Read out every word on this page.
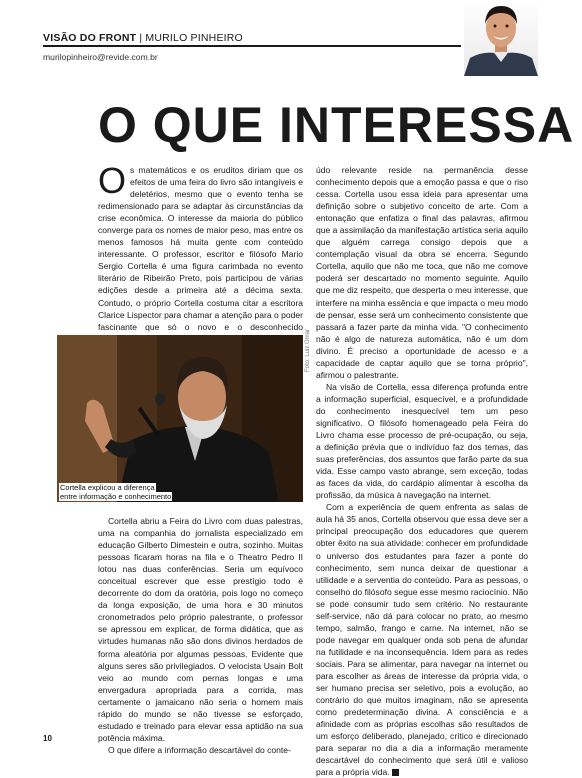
VISÃO DO FRONT | MURILO PINHEIRO
murilopinheiro@revide.com.br
O QUE INTERESSA

Os matemáticos e os eruditos diriam que os efeitos de uma feira do livro são intangíveis e deletérios, mesmo que o evento tenha se redimensionado para se adaptar às circunstâncias da crise econômica. O interesse da maioria do público converge para os nomes de maior peso, mas entre os menos famosos há muita gente com conteúdo interessante. O professor, escritor e filósofo Mario Sergio Cortella é uma figura carimbada no evento literário de Ribeirão Preto, pois participou de várias edições desde a primeira até a décima sexta. Contudo, o próprio Cortella costuma citar a escritora Clarice Lispector para chamar a atenção para o poder fascinante que só o novo e o desconhecido

Cortella explicou a diferença
entre informação e conhecimento
Foto: Luiz Omar

Cortella abriu a Feira do Livro com duas palestras, uma na companhia do jornalista especializado em educação Gilberto Dimestein e outra, sozinho. Muitas pessoas ficaram horas na fila e o Theatro Pedro II lotou nas duas conferências. Seria um equívoco conceitual escrever que esse prestígio todo é decorrente do dom da oratória, pois logo no começo da longa exposição, de uma hora e 30 minutos cronometrados pelo próprio palestrante, o professor se apressou em explicar, de forma didática, que as virtudes humanas não são dons divinos herdados de forma aleatória por algumas pessoas. Evidente que alguns seres são privilegiados. O velocista Usain Bolt veio ao mundo com pernas longas e uma envergadura apropriada para a corrida, mas certamente o jamaicano não seria o homem mais rápido do mundo se não tivesse se esforçado, estudado e treinado para elevar essa aptidão na sua potência máxima.

O que difere a informação descartável do conte-

údo relevante reside na permanência desse conhecimento depois que a emoção passa e que o riso cessa. Cortella usou essa ideia para apresentar uma definição sobre o subjetivo conceito de arte. Com a entonação que enfatiza o final das palavras, afirmou que a assimilação da manifestação artística seria aquilo que alguém carrega consigo depois que a contemplação visual da obra se encerra. Segundo Cortella, aquilo que não me toca, que não me comove poderá ser descartado no momento seguinte. Aquilo que me diz respeito, que desperta o meu interesse, que interfere na minha essência e que impacta o meu modo de pensar, esse será um conhecimento consistente que passará a fazer parte da minha vida. "O conhecimento não é algo de natureza automática, não é um dom divino. É preciso a oportunidade de acesso e a capacidade de captar aquilo que se torna próprio", afirmou o palestrante.

Na visão de Cortella, essa diferença profunda entre a informação superficial, esquecível, e a profundidade do conhecimento inesquecível tem um peso significativo. O filósofo homenageado pela Feira do Livro chama esse processo de pré-ocupação, ou seja, a definição prévia que o indivíduo faz dos temas, das suas preferências, dos assuntos que farão parte da sua vida. Esse campo vasto abrange, sem exceção, todas as faces da vida, do cardápio alimentar à escolha da profissão, da música à navegação na internet.

Com a experiência de quem enfrenta as salas de aula há 35 anos, Cortella observou que essa deve ser a principal preocupação dos educadores que querem obter êxito na sua atividade: conhecer em profundidade o universo dos estudantes para fazer a ponte do conhecimento, sem nunca deixar de questionar a utilidade e a serventia do conteúdo. Para as pessoas, o conselho do filósofo segue esse mesmo raciocínio. Não se pode consumir tudo sem critério. No restaurante self-service, não dá para colocar no prato, ao mesmo tempo, salmão, frango e carne. Na internet, não se pode navegar em qualquer onda sob pena de afundar na futilidade e na inconsequência. Idem para as redes sociais. Para se alimentar, para navegar na internet ou para escolher as áreas de interesse da própria vida, o ser humano precisa ser seletivo, pois a evolução, ao contrário do que muitos imaginam, não se apresenta como predeterminação divina. A consciência e a afinidade com as próprias escolhas são resultados de um esforço deliberado, planejado, crítico e direcionado para separar no dia a dia a informação meramente descartável do conhecimento que será útil e valioso para a própria vida.

10
